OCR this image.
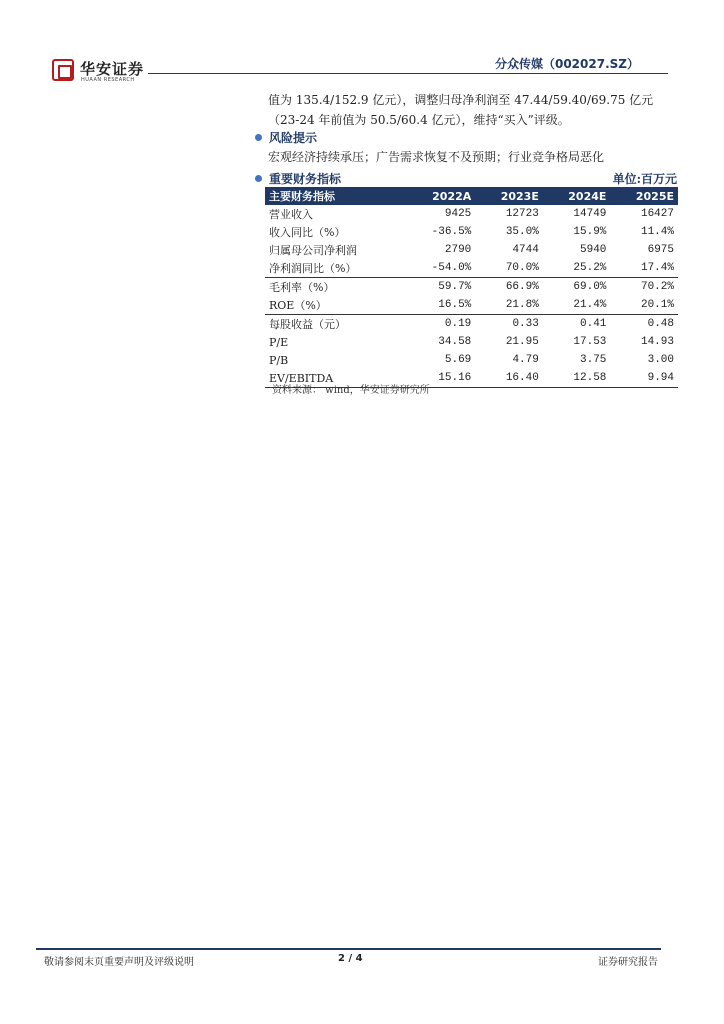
华安证券
HUAAN RESEARCH
分众传媒（002027.SZ）
值为 135.4/152.9 亿元），调整归母净利润至 47.44/59.40/69.75 亿元
（23-24 年前值为 50.5/60.4 亿元），维持“买入”评级。
风险提示
宏观经济持续承压；广告需求恢复不及预期；行业竞争格局恶化
重要财务指标	单位:百万元
主要财务指标	2022A	2023E	2024E	2025E
营业收入	9425	12723	14749	16427
收入同比（%）	-36.5%	35.0%	15.9%	11.4%
归属母公司净利润	2790	4744	5940	6975
净利润同比（%）	-54.0%	70.0%	25.2%	17.4%
毛利率（%）	59.7%	66.9%	69.0%	70.2%
ROE（%）	16.5%	21.8%	21.4%	20.1%
每股收益（元）	0.19	0.33	0.41	0.48
P/E	34.58	21.95	17.53	14.93
P/B	5.69	4.79	3.75	3.00
EV/EBITDA	15.16	16.40	12.58	9.94
资料来源： wind，华安证券研究所
敬请参阅末页重要声明及评级说明	2 / 4	证券研究报告
